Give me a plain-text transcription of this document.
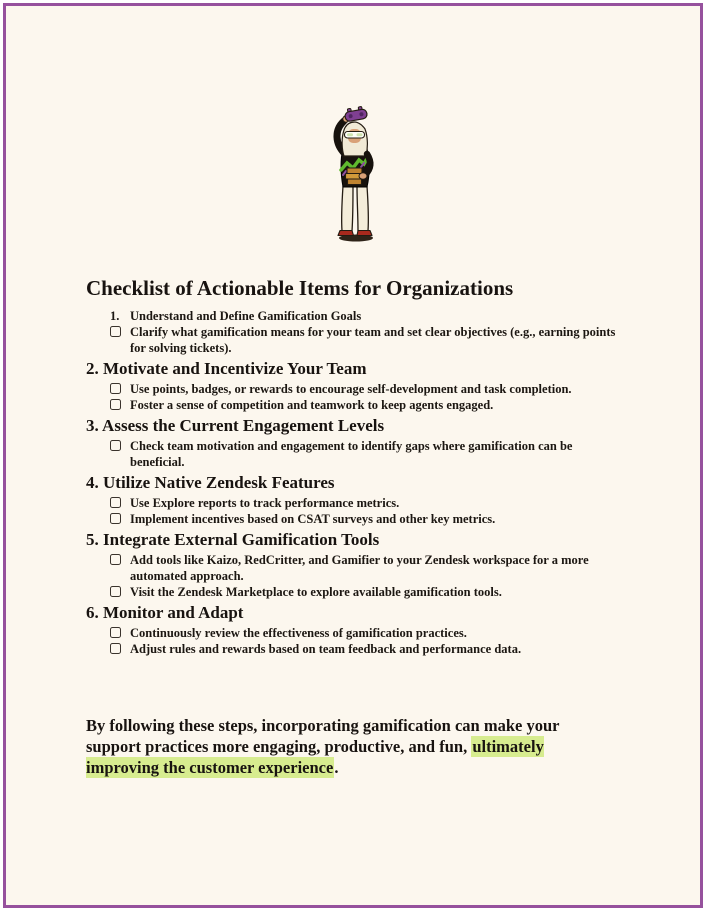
Checklist of Actionable Items for Organizations
1. Understand and Define Gamification Goals
Clarify what gamification means for your team and set clear objectives (e.g., earning points for solving tickets).
2. Motivate and Incentivize Your Team
Use points, badges, or rewards to encourage self-development and task completion.
Foster a sense of competition and teamwork to keep agents engaged.
3. Assess the Current Engagement Levels
Check team motivation and engagement to identify gaps where gamification can be beneficial.
4. Utilize Native Zendesk Features
Use Explore reports to track performance metrics.
Implement incentives based on CSAT surveys and other key metrics.
5. Integrate External Gamification Tools
Add tools like Kaizo, RedCritter, and Gamifier to your Zendesk workspace for a more automated approach.
Visit the Zendesk Marketplace to explore available gamification tools.
6. Monitor and Adapt
Continuously review the effectiveness of gamification practices.
Adjust rules and rewards based on team feedback and performance data.

By following these steps, incorporating gamification can make your support practices more engaging, productive, and fun, ultimately improving the customer experience.
